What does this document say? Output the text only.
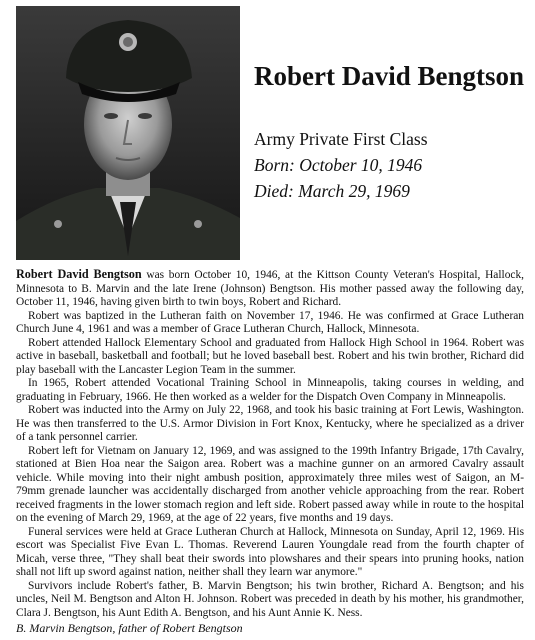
Robert David Bengtson
Army Private First Class
Born: October 10, 1946
Died: March 29, 1969

Robert David Bengtson was born October 10, 1946, at the Kittson County Veteran's Hospital, Hallock, Minnesota to B. Marvin and the late Irene (Johnson) Bengtson. His mother passed away the following day, October 11, 1946, having given birth to twin boys, Robert and Richard.

Robert was baptized in the Lutheran faith on November 17, 1946. He was confirmed at Grace Lutheran Church June 4, 1961 and was a member of Grace Lutheran Church, Hallock, Minnesota.

Robert attended Hallock Elementary School and graduated from Hallock High School in 1964. Robert was active in baseball, basketball and football; but he loved baseball best. Robert and his twin brother, Richard did play baseball with the Lancaster Legion Team in the summer.

In 1965, Robert attended Vocational Training School in Minneapolis, taking courses in welding, and graduating in February, 1966. He then worked as a welder for the Dispatch Oven Company in Minneapolis.

Robert was inducted into the Army on July 22, 1968, and took his basic training at Fort Lewis, Washington. He was then transferred to the U.S. Armor Division in Fort Knox, Kentucky, where he specialized as a driver of a tank personnel carrier.

Robert left for Vietnam on January 12, 1969, and was assigned to the 199th Infantry Brigade, 17th Cavalry, stationed at Bien Hoa near the Saigon area. Robert was a machine gunner on an armored Cavalry assault vehicle. While moving into their night ambush position, approximately three miles west of Saigon, an M-79mm grenade launcher was accidentally discharged from another vehicle approaching from the rear. Robert received fragments in the lower stomach region and left side. Robert passed away while in route to the hospital on the evening of March 29, 1969, at the age of 22 years, five months and 19 days.

Funeral services were held at Grace Lutheran Church at Hallock, Minnesota on Sunday, April 12, 1969. His escort was Specialist Five Evan L. Thomas. Reverend Lauren Youngdale read from the fourth chapter of Micah, verse three, "They shall beat their swords into plowshares and their spears into pruning hooks, nation shall not lift up sword against nation, neither shall they learn war anymore."

Survivors include Robert's father, B. Marvin Bengtson; his twin brother, Richard A. Bengtson; and his uncles, Neil M. Bengtson and Alton H. Johnson. Robert was preceded in death by his mother, his grandmother, Clara J. Bengtson, his Aunt Edith A. Bengtson, and his Aunt Annie K. Ness.

B. Marvin Bengtson, father of Robert Bengtson
